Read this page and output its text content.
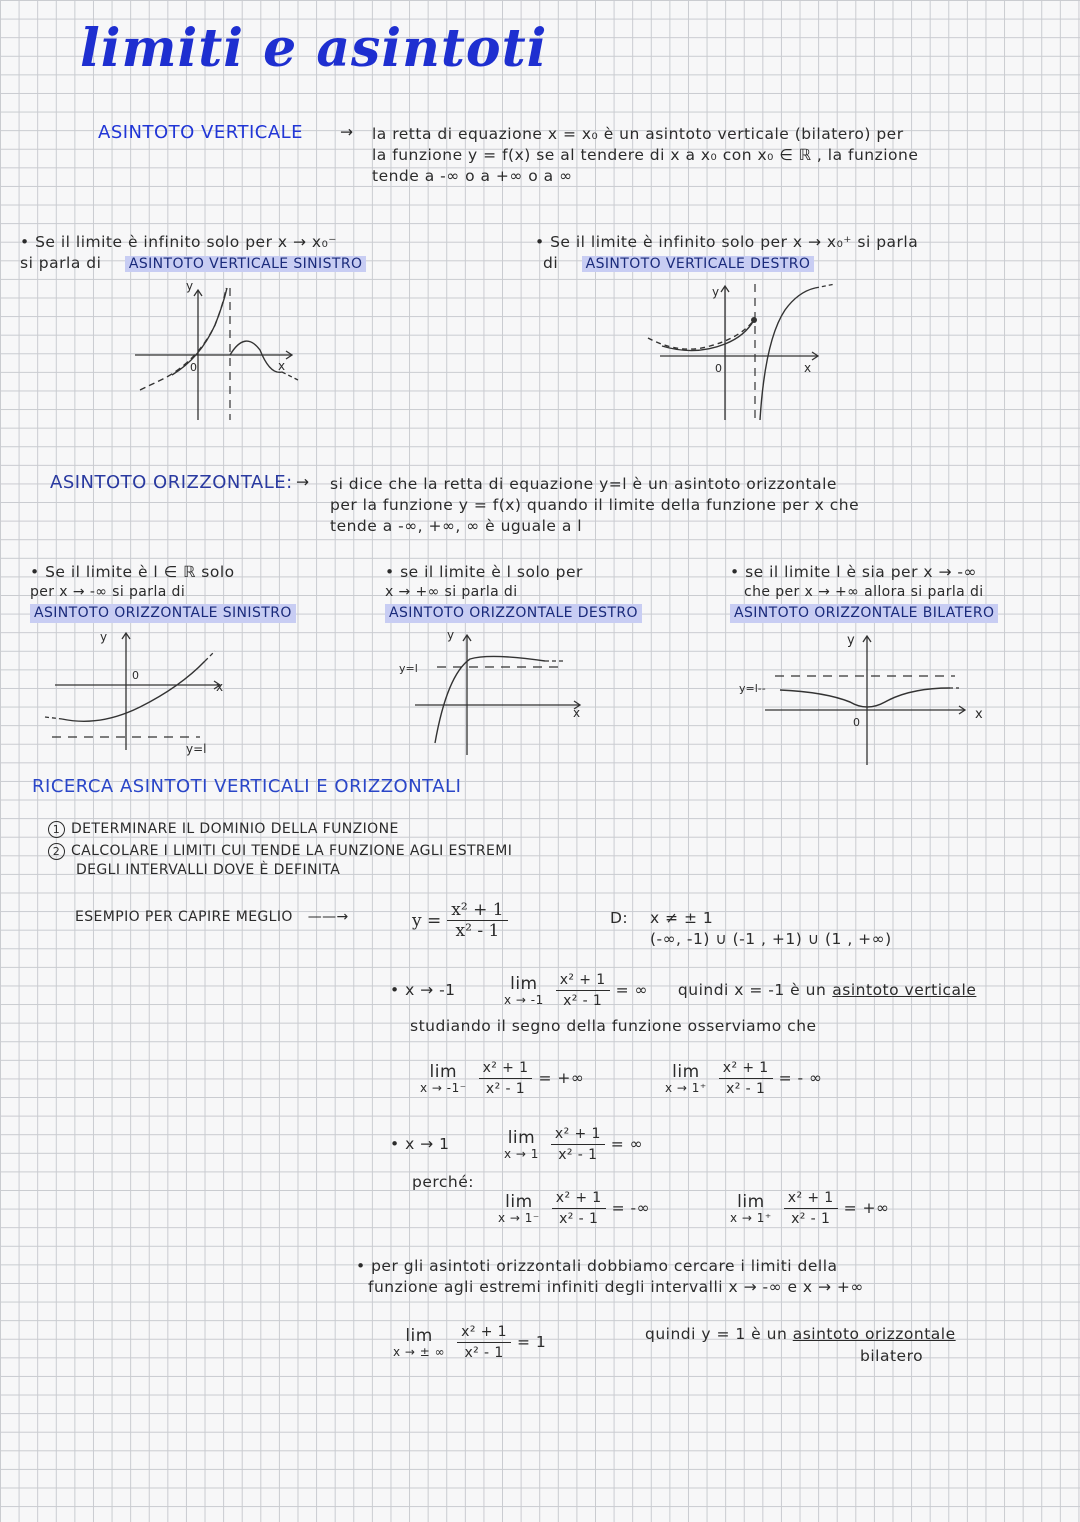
limiti e asintoti
ASINTOTO VERTICALE → la retta di equazione x = x₀ è un asintoto verticale (bilatero) per
la funzione y = f(x) se al tendere di x a x₀ con x₀ ∈ ℝ , la funzione
tende a -∞ o a +∞ o a ∞
• Se il limite è infinito solo per x → x₀⁻
si parla di ASINTOTO VERTICALE SINISTRO
• Se il limite è infinito solo per x → x₀⁺ si parla
di ASINTOTO VERTICALE DESTRO
y
0	x
y
0	x
ASINTOTO ORIZZONTALE: → si dice che la retta di equazione y=l è un asintoto orizzontale
per la funzione y = f(x) quando il limite della funzione per x che
tende a -∞, +∞, ∞ è uguale a l
• Se il limite è l ∈ ℝ solo
per x → -∞ si parla di
ASINTOTO ORIZZONTALE SINISTRO
• se il limite è l solo per
x → +∞ si parla di
ASINTOTO ORIZZONTALE DESTRO
• se il limite l è sia per x → -∞
che per x → +∞ allora si parla di
ASINTOTO ORIZZONTALE BILATERO
y
0
x
y=l
y
y=l
x
y
y=l--
0
x
RICERCA ASINTOTI VERTICALI E ORIZZONTALI
1 DETERMINARE IL DOMINIO DELLA FUNZIONE
2 CALCOLARE I LIMITI CUI TENDE LA FUNZIONE AGLI ESTREMI
DEGLI INTERVALLI DOVE È DEFINITA
ESEMPIO PER CAPIRE MEGLIO ——→	$y = \frac{\text{x² + 1}}{\text{x² - 1}}$	D: x ≠ ± 1
(-∞, -1) ∪ (-1 , +1) ∪ (1 , +∞)
• x → -1	lim
$x \to -1 \frac{\text{x² + 1}}{\text{x² - 1}}$ = ∞ quindi x = -1 è un asintoto verticale
studiando il segno della funzione osserviamo che
lim
$x \to -1^- \frac{\text{x² + 1}}{\text{x² - 1}}$ = +∞	lim
$x \to 1^+ \frac{\text{x² + 1}}{\text{x² - 1}}$ = - ∞
• x → 1	lim
$x \to 1 \frac{\text{x² + 1}}{\text{x² - 1}}$ = ∞
perché:
lim
$x \to 1^- \frac{\text{x² + 1}}{\text{x² - 1}}$ = -∞	lim
$x \to 1^+ \frac{\text{x² + 1}}{\text{x² - 1}}$ = +∞
• per gli asintoti orizzontali dobbiamo cercare i limiti della
funzione agli estremi infiniti degli intervalli x → -∞ e x → +∞
lim
x → ± ∞ $\frac{\text{x² + 1}}{\text{x² - 1}} = 1$	quindi y = 1 è un asintoto orizzontale
bilatero
